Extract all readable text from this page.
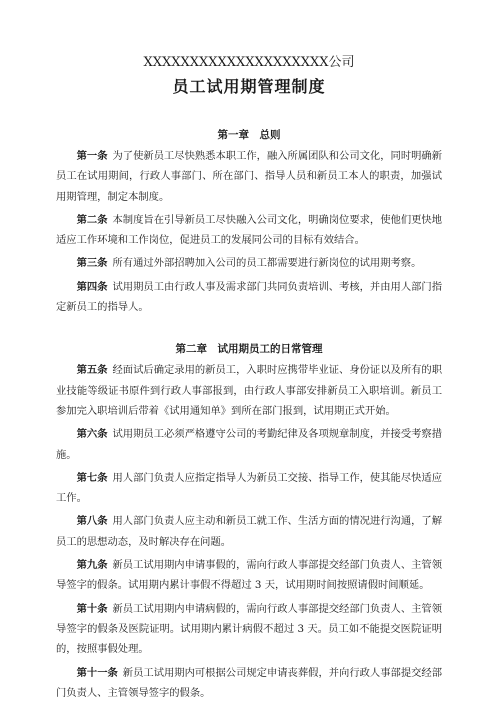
XXXXXXXXXXXXXXXXXXXX公司

员工试用期管理制度

第一章　总则

第一条 为了使新员工尽快熟悉本职工作，融入所属团队和公司文化，同时明确新员工在试用期间，行政人事部门、所在部门、指导人员和新员工本人的职责，加强试用期管理，制定本制度。

第二条 本制度旨在引导新员工尽快融入公司文化，明确岗位要求，使他们更快地适应工作环境和工作岗位，促进员工的发展同公司的目标有效结合。

第三条 所有通过外部招聘加入公司的员工都需要进行新岗位的试用期考察。

第四条 试用期员工由行政人事及需求部门共同负责培训、考核，并由用人部门指定新员工的指导人。

第二章　试用期员工的日常管理

第五条 经面试后确定录用的新员工，入职时应携带毕业证、身份证以及所有的职业技能等级证书原件到行政人事部报到，由行政人事部安排新员工入职培训。新员工参加完入职培训后带着《试用通知单》到所在部门报到，试用期正式开始。

第六条 试用期员工必须严格遵守公司的考勤纪律及各项规章制度，并接受考察措施。

第七条 用人部门负责人应指定指导人为新员工交接、指导工作，使其能尽快适应工作。

第八条 用人部门负责人应主动和新员工就工作、生活方面的情况进行沟通，了解员工的思想动态，及时解决存在问题。

第九条 新员工试用期内申请事假的，需向行政人事部提交经部门负责人、主管领导签字的假条。试用期内累计事假不得超过 3 天，试用期时间按照请假时间顺延。

第十条 新员工试用期内申请病假的，需向行政人事部提交经部门负责人、主管领导签字的假条及医院证明。试用期内累计病假不超过 3 天。员工如不能提交医院证明的，按照事假处理。

第十一条 新员工试用期内可根据公司规定申请丧葬假，并向行政人事部提交经部门负责人、主管领导签字的假条。
